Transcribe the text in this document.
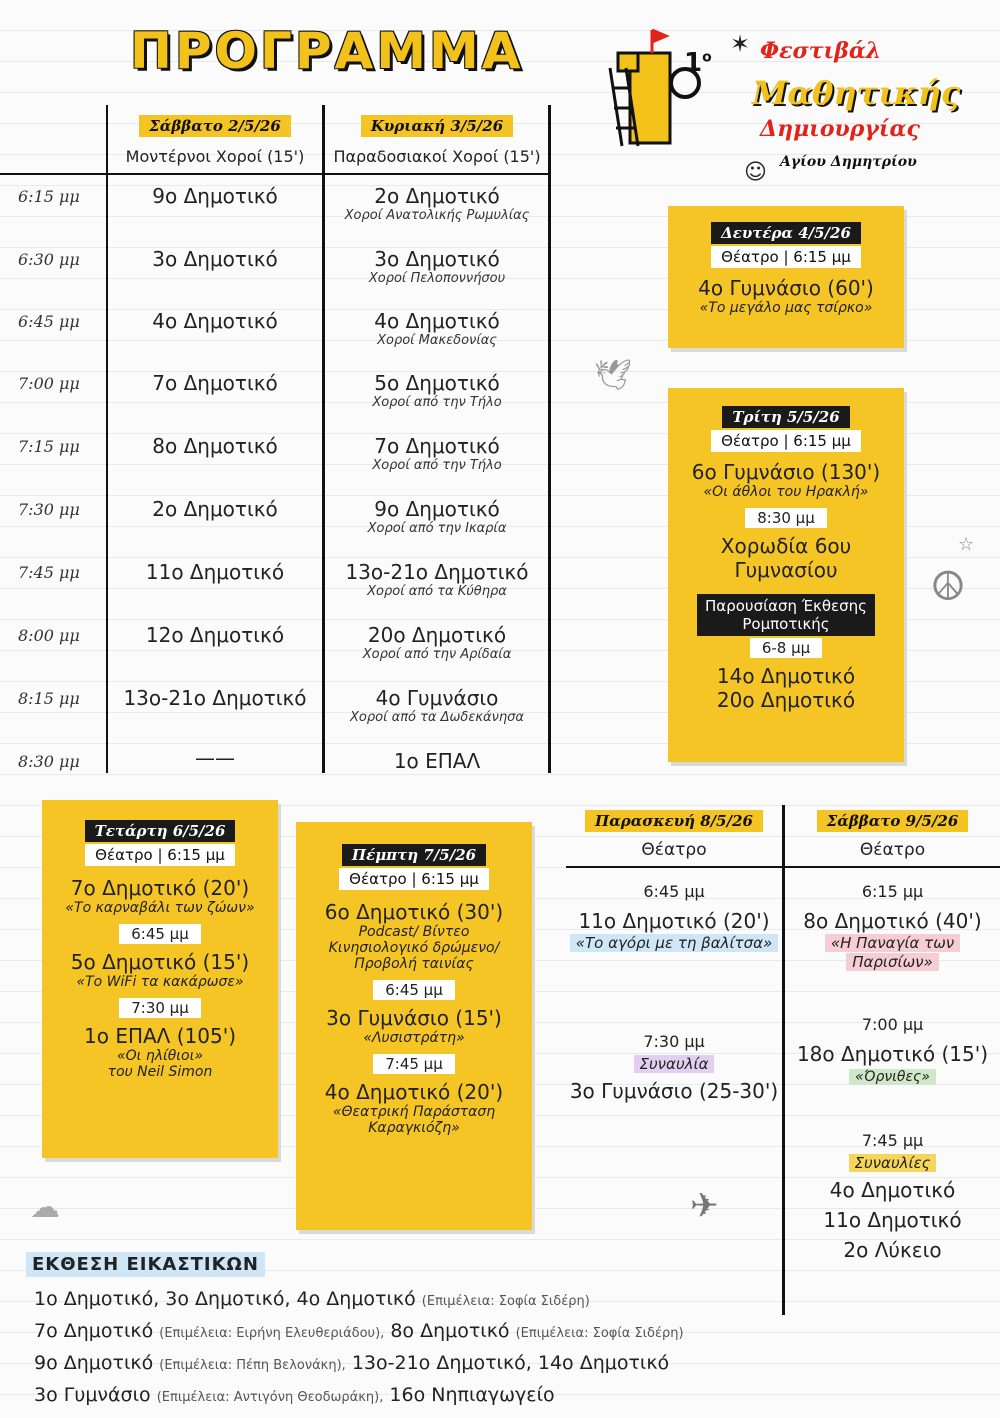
ΠΡΟΓΡΑΜΜΑ	✶ Φεστιβάλ
Μαθητικής
Δημιουργίας
☺ Αγίου Δημητρίου
Σάββατο 2/5/26
Μοντέρνοι Χοροί (15')
Κυριακή 3/5/26
Παραδοσιακοί Χοροί (15')
6:15 μμ	9ο Δημοτικό	2ο Δημοτικό
Χοροί Ανατολικής Ρωμυλίας
6:30 μμ	3ο Δημοτικό	3ο Δημοτικό
Χοροί Πελοποννήσου
6:45 μμ	4ο Δημοτικό	4ο Δημοτικό
Χοροί Μακεδονίας
7:00 μμ	7ο Δημοτικό	5ο Δημοτικό
Χοροί από την Τήλο
7:15 μμ	8ο Δημοτικό	7ο Δημοτικό
Χοροί από την Τήλο
7:30 μμ	2ο Δημοτικό	9ο Δημοτικό
Χοροί από την Ικαρία
7:45 μμ	11ο Δημοτικό	13ο-21ο Δημοτικό
Χοροί από τα Κύθηρα
8:00 μμ	12ο Δημοτικό	20ο Δημοτικό
Χοροί από την Αρίδαία
8:15 μμ	13ο-21ο Δημοτικό	4ο Γυμνάσιο
Χοροί από τα Δωδεκάνησα
8:30 μμ	——	1ο ΕΠΑΛ
Δευτέρα 4/5/26
Θέατρο | 6:15 μμ
4ο Γυμνάσιο (60')
«Το μεγάλο μας τσίρκο»
Τρίτη 5/5/26
Θέατρο | 6:15 μμ
6ο Γυμνάσιο (130')
«Οι άθλοι του Ηρακλή»
8:30 μμ
Χορωδία 6ου Γυμνασίου
Παρουσίαση Έκθεσης
Ρομποτικής

6-8 μμ
14ο Δημοτικό
20ο Δημοτικό
Τετάρτη 6/5/26
Θέατρο | 6:15 μμ
7ο Δημοτικό (20')
«Το καρναβάλι των ζώων»
6:45 μμ
5ο Δημοτικό (15')
«Το WiFi τα κακάρωσε»
7:30 μμ
1ο ΕΠΑΛ (105')
«Οι ηλίθιοι»
του Neil Simon
Πέμπτη 7/5/26
Θέατρο | 6:15 μμ
6ο Δημοτικό (30')
Podcast/ Βίντεο
Κινησιολογικό δρώμενο/
Προβολή ταινίας
6:45 μμ
3ο Γυμνάσιο (15')
«Λυσιστράτη»
7:45 μμ
4ο Δημοτικό (20')
«Θεατρική Παράσταση
Καραγκιόζη»
Παρασκευή 8/5/26
Θέατρο
6:45 μμ
11ο Δημοτικό (20')
«Το αγόρι με τη βαλίτσα»
7:30 μμ
Συναυλία
3ο Γυμνάσιο (25-30')
Σάββατο 9/5/26
Θέατρο
6:15 μμ
8ο Δημοτικό (40')
«Η Παναγία των
Παρισίων»
7:00 μμ
18ο Δημοτικό (15')
«Όρνιθες»
7:45 μμ
Συναυλίες
4ο Δημοτικό
11ο Δημοτικό
2ο Λύκειο
☮
☆
✈
🕊
☁
ΕΚΘΕΣΗ ΕΙΚΑΣΤΙΚΩΝ
1ο Δημοτικό, 3ο Δημοτικό, 4ο Δημοτικό (Επιμέλεια: Σοφία Σιδέρη)
7ο Δημοτικό (Επιμέλεια: Ειρήνη Ελευθεριάδου), 8ο Δημοτικό (Επιμέλεια: Σοφία Σιδέρη)
9ο Δημοτικό (Επιμέλεια: Πέπη Βελονάκη), 13ο-21ο Δημοτικό, 14ο Δημοτικό
3ο Γυμνάσιο (Επιμέλεια: Αντιγόνη Θεοδωράκη), 16ο Νηπιαγωγείο
$1^o$
